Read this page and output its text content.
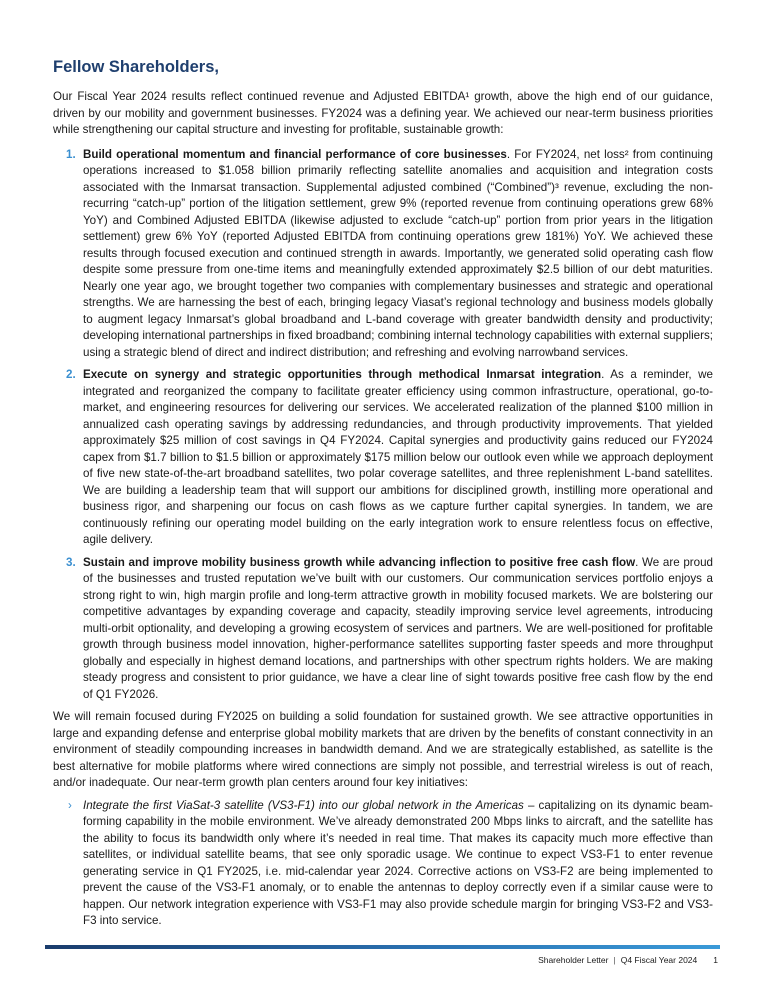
Fellow Shareholders,

Our Fiscal Year 2024 results reflect continued revenue and Adjusted EBITDA¹ growth, above the high end of our guidance, driven by our mobility and government businesses. FY2024 was a defining year. We achieved our near-term business priorities while strengthening our capital structure and investing for profitable, sustainable growth:

1. Build operational momentum and financial performance of core businesses. For FY2024, net loss² from continuing operations increased to $1.058 billion primarily reflecting satellite anomalies and acquisition and integration costs associated with the Inmarsat transaction. Supplemental adjusted combined (“Combined”)³ revenue, excluding the non-recurring “catch-up” portion of the litigation settlement, grew 9% (reported revenue from continuing operations grew 68% YoY) and Combined Adjusted EBITDA (likewise adjusted to exclude “catch-up” portion from prior years in the litigation settlement) grew 6% YoY (reported Adjusted EBITDA from continuing operations grew 181%) YoY. We achieved these results through focused execution and continued strength in awards. Importantly, we generated solid operating cash flow despite some pressure from one-time items and meaningfully extended approximately $2.5 billion of our debt maturities. Nearly one year ago, we brought together two companies with complementary businesses and strategic and operational strengths. We are harnessing the best of each, bringing legacy Viasat’s regional technology and business models globally to augment legacy Inmarsat’s global broadband and L-band coverage with greater bandwidth density and productivity; developing international partnerships in fixed broadband; combining internal technology capabilities with external suppliers; using a strategic blend of direct and indirect distribution; and refreshing and evolving narrowband services.

2. Execute on synergy and strategic opportunities through methodical Inmarsat integration. As a reminder, we integrated and reorganized the company to facilitate greater efficiency using common infrastructure, operational, go-to-market, and engineering resources for delivering our services. We accelerated realization of the planned $100 million in annualized cash operating savings by addressing redundancies, and through productivity improvements. That yielded approximately $25 million of cost savings in Q4 FY2024. Capital synergies and productivity gains reduced our FY2024 capex from $1.7 billion to $1.5 billion or approximately $175 million below our outlook even while we approach deployment of five new state-of-the-art broadband satellites, two polar coverage satellites, and three replenishment L-band satellites. We are building a leadership team that will support our ambitions for disciplined growth, instilling more operational and business rigor, and sharpening our focus on cash flows as we capture further capital synergies. In tandem, we are continuously refining our operating model building on the early integration work to ensure relentless focus on effective, agile delivery.

3. Sustain and improve mobility business growth while advancing inflection to positive free cash flow. We are proud of the businesses and trusted reputation we’ve built with our customers. Our communication services portfolio enjoys a strong right to win, high margin profile and long-term attractive growth in mobility focused markets. We are bolstering our competitive advantages by expanding coverage and capacity, steadily improving service level agreements, introducing multi-orbit optionality, and developing a growing ecosystem of services and partners. We are well-positioned for profitable growth through business model innovation, higher-performance satellites supporting faster speeds and more throughput globally and especially in highest demand locations, and partnerships with other spectrum rights holders. We are making steady progress and consistent to prior guidance, we have a clear line of sight towards positive free cash flow by the end of Q1 FY2026.

We will remain focused during FY2025 on building a solid foundation for sustained growth. We see attractive opportunities in large and expanding defense and enterprise global mobility markets that are driven by the benefits of constant connectivity in an environment of steadily compounding increases in bandwidth demand. And we are strategically established, as satellite is the best alternative for mobile platforms where wired connections are simply not possible, and terrestrial wireless is out of reach, and/or inadequate. Our near-term growth plan centers around four key initiatives:

› Integrate the first ViaSat-3 satellite (VS3-F1) into our global network in the Americas – capitalizing on its dynamic beam-forming capability in the mobile environment. We’ve already demonstrated 200 Mbps links to aircraft, and the satellite has the ability to focus its bandwidth only where it’s needed in real time. That makes its capacity much more effective than satellites, or individual satellite beams, that see only sporadic usage. We continue to expect VS3-F1 to enter revenue generating service in Q1 FY2025, i.e. mid-calendar year 2024. Corrective actions on VS3-F2 are being implemented to prevent the cause of the VS3-F1 anomaly, or to enable the antennas to deploy correctly even if a similar cause were to happen. Our network integration experience with VS3-F1 may also provide schedule margin for bringing VS3-F2 and VS3-F3 into service.

Shareholder Letter | Q4 Fiscal Year 2024 1
